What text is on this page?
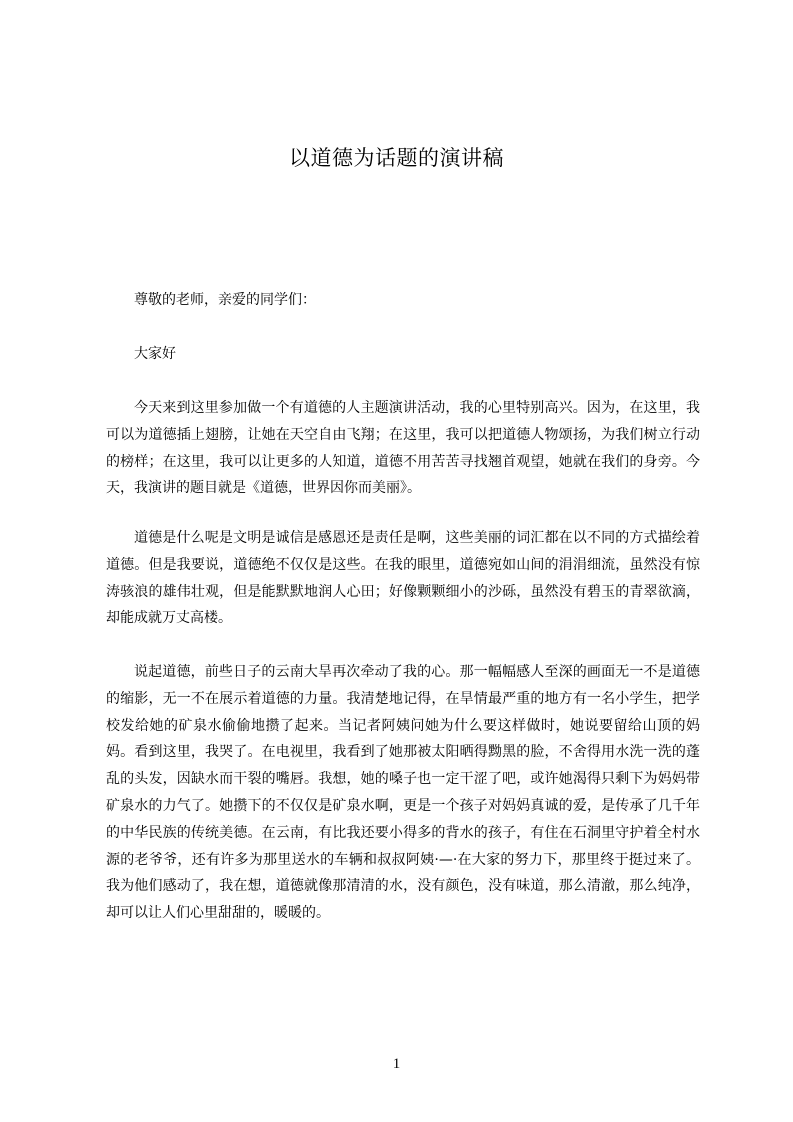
以道德为话题的演讲稿

尊敬的老师，亲爱的同学们：

大家好

今天来到这里参加做一个有道德的人主题演讲活动，我的心里特别高兴。因为，在这里，我可以为道德插上翅膀，让她在天空自由飞翔；在这里，我可以把道德人物颂扬，为我们树立行动的榜样；在这里，我可以让更多的人知道，道德不用苦苦寻找翘首观望，她就在我们的身旁。今天，我演讲的题目就是《道德，世界因你而美丽》。

道德是什么呢是文明是诚信是感恩还是责任是啊，这些美丽的词汇都在以不同的方式描绘着道德。但是我要说，道德绝不仅仅是这些。在我的眼里，道德宛如山间的涓涓细流，虽然没有惊涛骇浪的雄伟壮观，但是能默默地润人心田；好像颗颗细小的沙砾，虽然没有碧玉的青翠欲滴，却能成就万丈高楼。

说起道德，前些日子的云南大旱再次牵动了我的心。那一幅幅感人至深的画面无一不是道德的缩影，无一不在展示着道德的力量。我清楚地记得，在旱情最严重的地方有一名小学生，把学校发给她的矿泉水偷偷地攒了起来。当记者阿姨问她为什么要这样做时，她说要留给山顶的妈妈。看到这里，我哭了。在电视里，我看到了她那被太阳晒得黝黑的脸，不舍得用水洗一洗的蓬乱的头发，因缺水而干裂的嘴唇。我想，她的嗓子也一定干涩了吧，或许她渴得只剩下为妈妈带矿泉水的力气了。她攒下的不仅仅是矿泉水啊，更是一个孩子对妈妈真诚的爱，是传承了几千年的中华民族的传统美德。在云南，有比我还要小得多的背水的孩子，有住在石洞里守护着全村水源的老爷爷，还有许多为那里送水的车辆和叔叔阿姨·—·在大家的努力下，那里终于挺过来了。我为他们感动了，我在想，道德就像那清清的水，没有颜色，没有味道，那么清澈，那么纯净，却可以让人们心里甜甜的，暖暖的。

1
